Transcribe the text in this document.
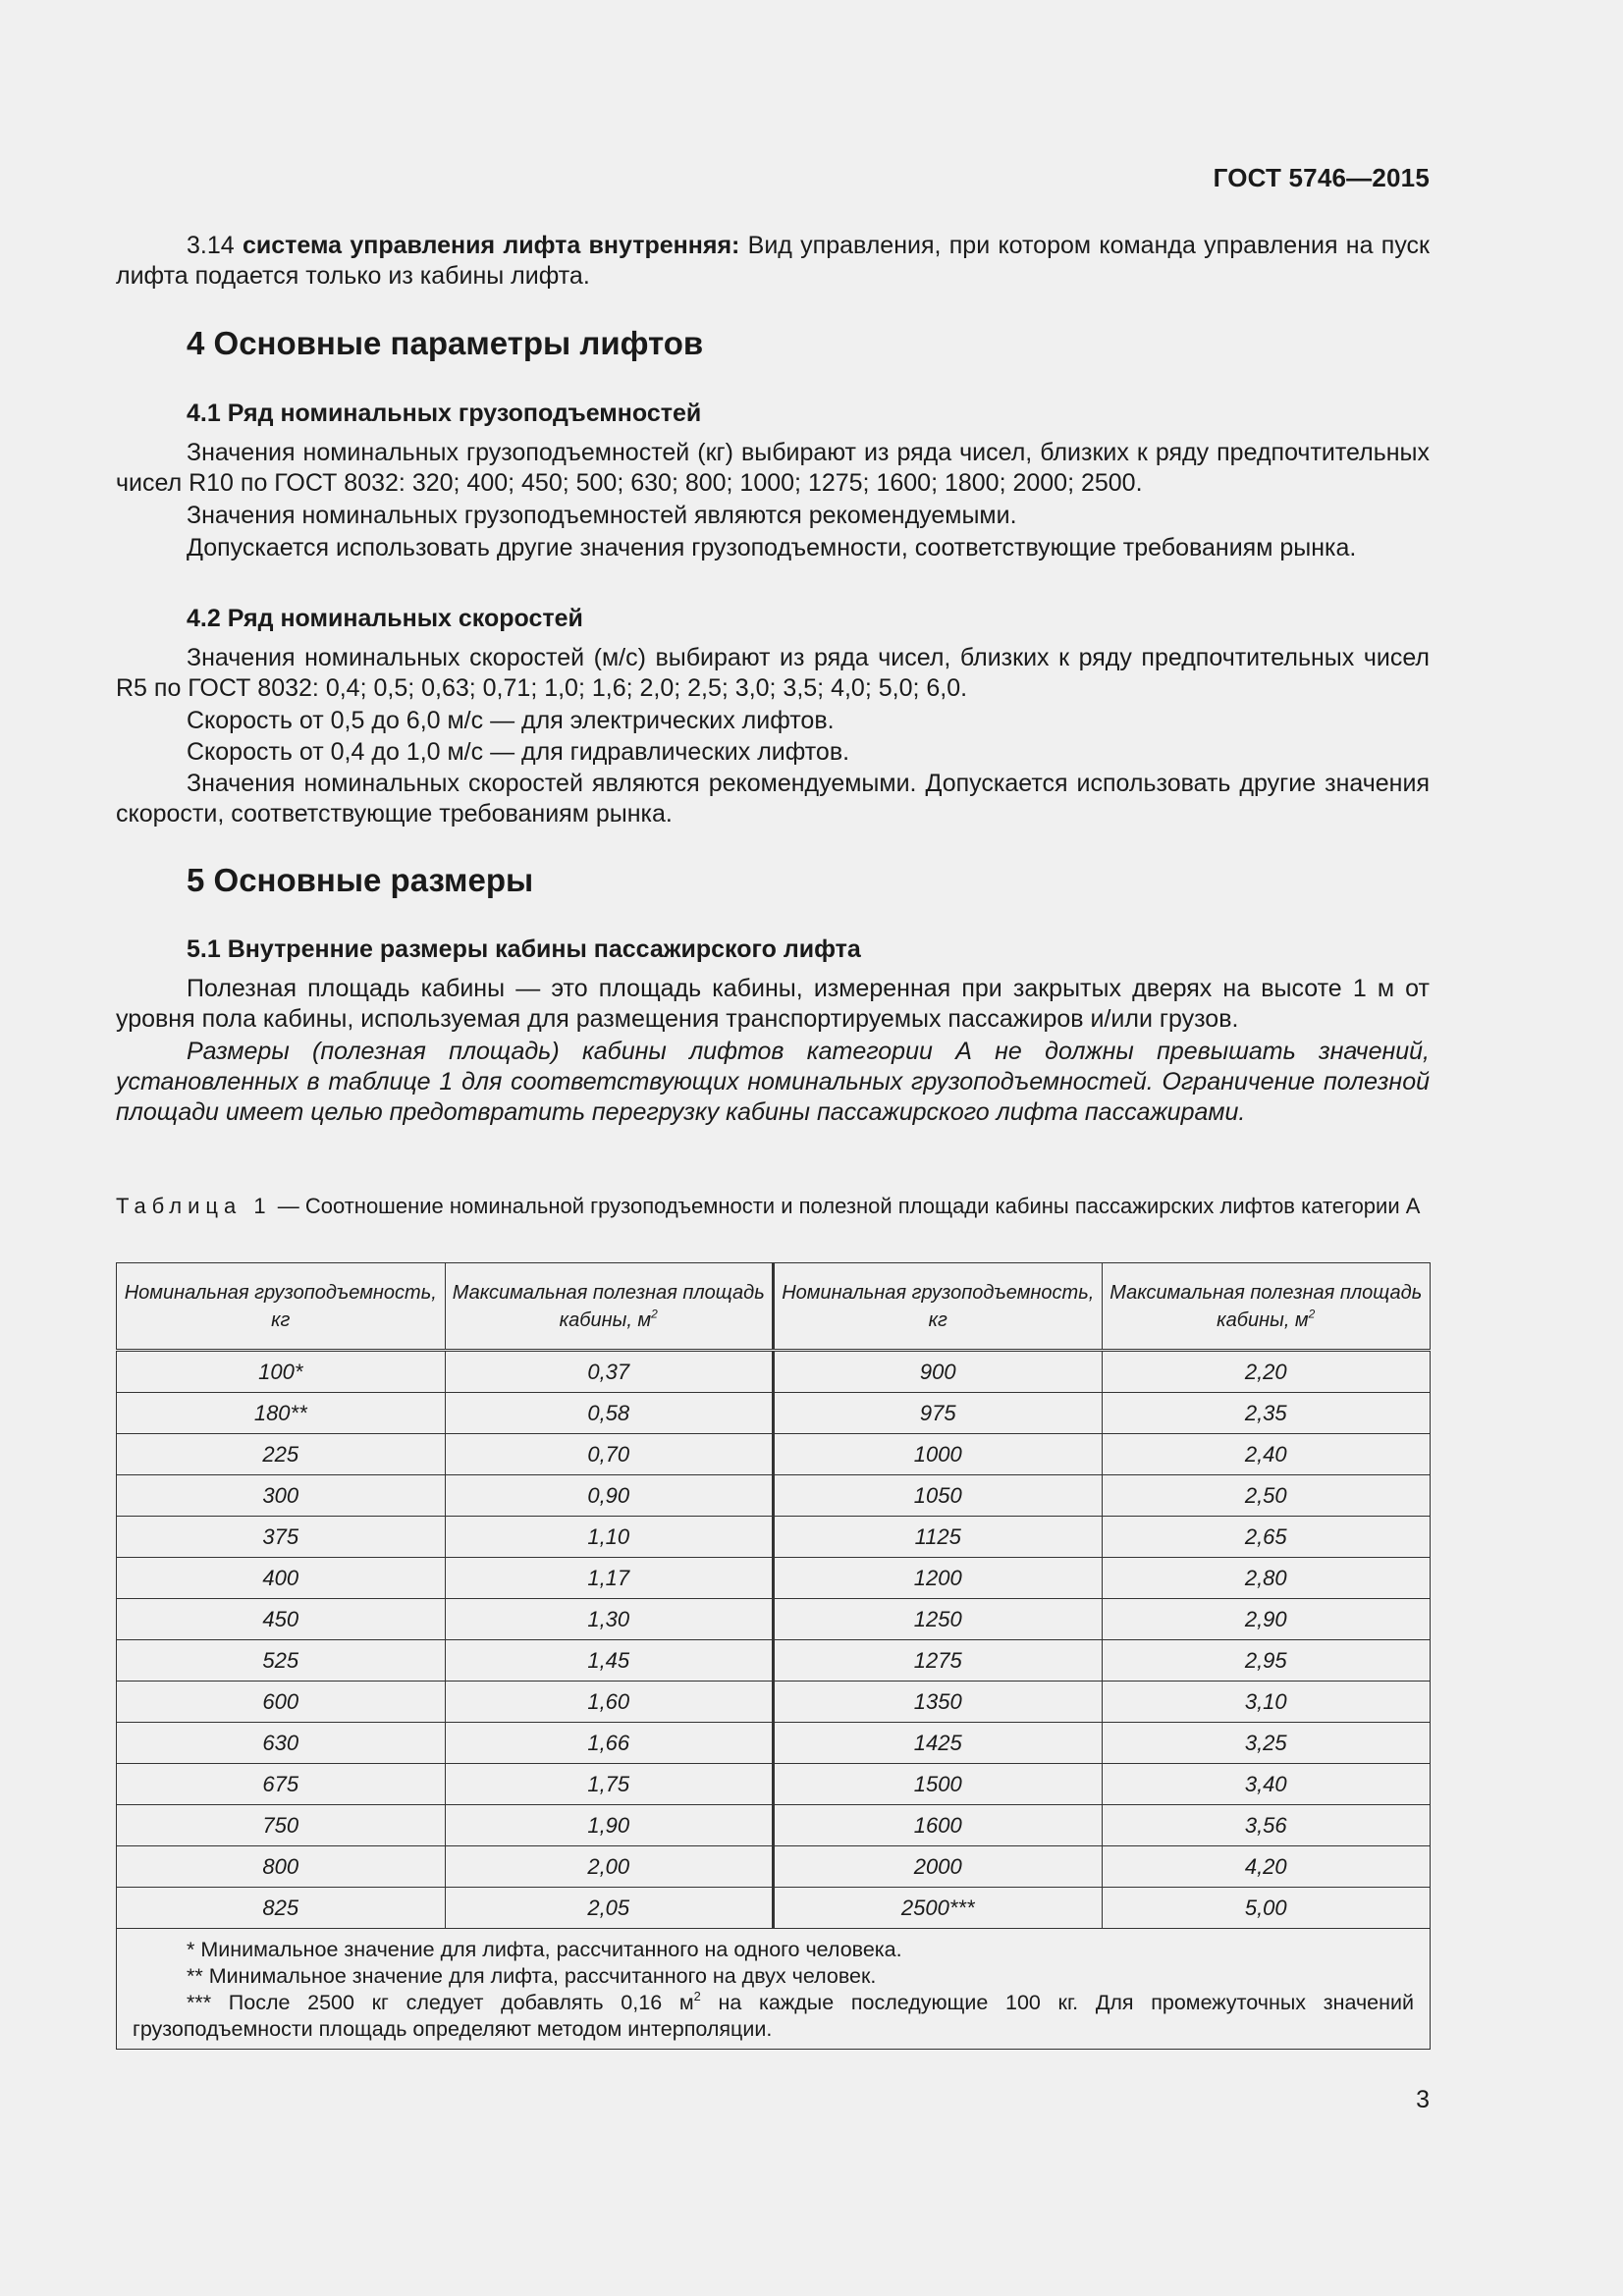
ГОСТ 5746—2015
3.14 система управления лифта внутренняя: Вид управления, при котором команда управления на пуск лифта подается только из кабины лифта.
4 Основные параметры лифтов
4.1 Ряд номинальных грузоподъемностей
Значения номинальных грузоподъемностей (кг) выбирают из ряда чисел, близких к ряду предпочтительных чисел R10 по ГОСТ 8032: 320; 400; 450; 500; 630; 800; 1000; 1275; 1600; 1800; 2000; 2500.
Значения номинальных грузоподъемностей являются рекомендуемыми.
Допускается использовать другие значения грузоподъемности, соответствующие требованиям рынка.
4.2 Ряд номинальных скоростей
Значения номинальных скоростей (м/с) выбирают из ряда чисел, близких к ряду предпочтительных чисел R5 по ГОСТ 8032: 0,4; 0,5; 0,63; 0,71; 1,0; 1,6; 2,0; 2,5; 3,0; 3,5; 4,0; 5,0; 6,0.
Скорость от 0,5 до 6,0 м/с — для электрических лифтов.
Скорость от 0,4 до 1,0 м/с — для гидравлических лифтов.
Значения номинальных скоростей являются рекомендуемыми. Допускается использовать другие значения скорости, соответствующие требованиям рынка.
5 Основные размеры
5.1 Внутренние размеры кабины пассажирского лифта
Полезная площадь кабины — это площадь кабины, измеренная при закрытых дверях на высоте 1 м от уровня пола кабины, используемая для размещения транспортируемых пассажиров и/или грузов.
Размеры (полезная площадь) кабины лифтов категории А не должны превышать значений, установленных в таблице 1 для соответствующих номинальных грузоподъемностей. Ограничение полезной площади имеет целью предотвратить перегрузку кабины пассажирского лифта пассажирами.
Таблица 1 — Соотношение номинальной грузоподъемности и полезной площади кабины пассажирских лифтов категории А
Номинальная грузоподъемность, кг	Максимальная полезная площадь кабины, $м^2$	Номинальная грузоподъемность, кг	Максимальная полезная площадь кабины, $м^2$
100*	0,37	900	2,20
180**	0,58	975	2,35
225	0,70	1000	2,40
300	0,90	1050	2,50
375	1,10	1125	2,65
400	1,17	1200	2,80
450	1,30	1250	2,90
525	1,45	1275	2,95
600	1,60	1350	3,10
630	1,66	1425	3,25
675	1,75	1500	3,40
750	1,90	1600	3,56
800	2,00	2000	4,20
825	2,05	2500***	5,00

* Минимальное значение для лифта, рассчитанного на одного человека.

** Минимальное значение для лифта, рассчитанного на двух человек.

*** После 2500 кг следует добавлять 0,16 $м^2$ на каждые последующие 100 кг. Для промежуточных значений грузоподъемности площадь определяют методом интерполяции.			

3
